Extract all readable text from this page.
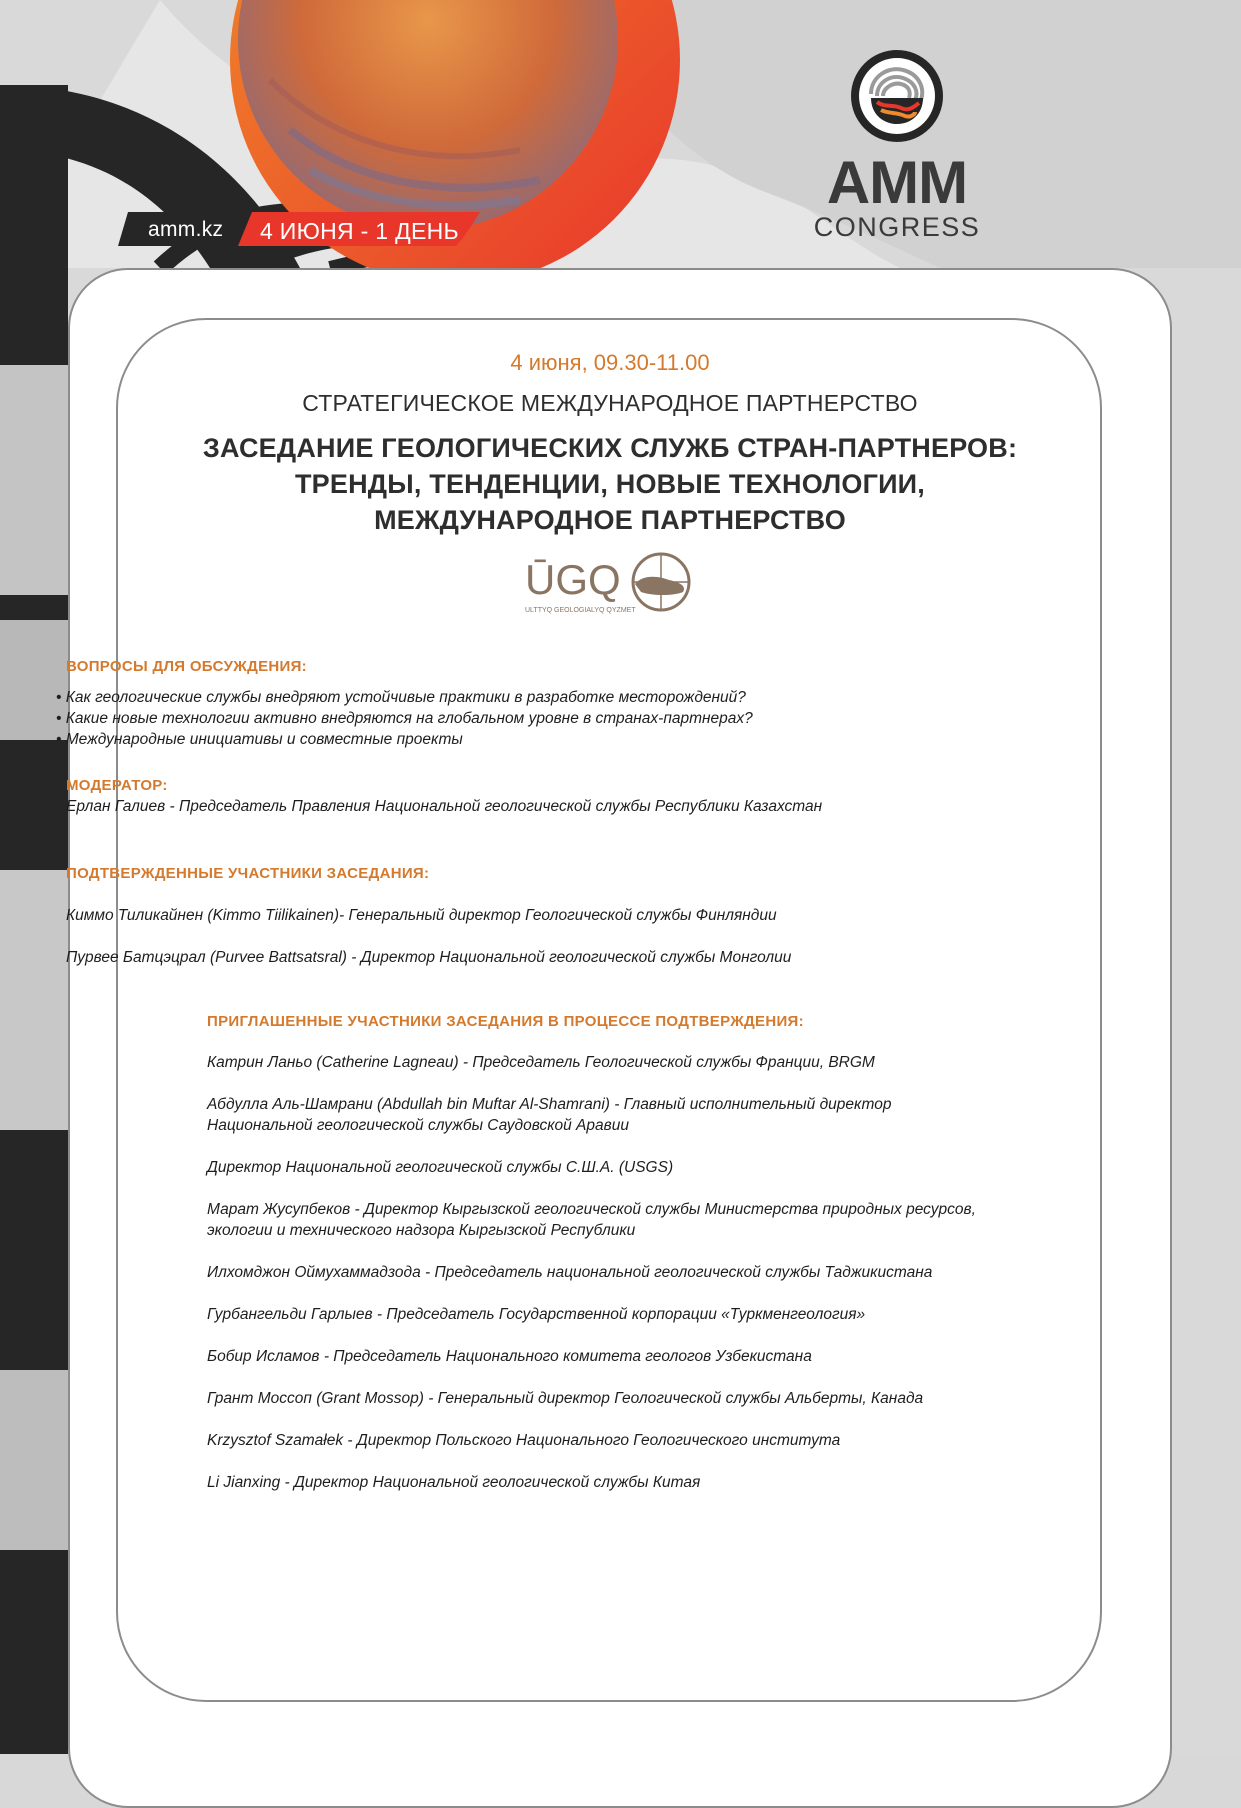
amm.kz 4 ИЮНЯ - 1 ДЕНЬ
AMM
CONGRESS

4 июня, 09.30-11.00

СТРАТЕГИЧЕСКОЕ МЕЖДУНАРОДНОЕ ПАРТНЕРСТВО

ЗАСЕДАНИЕ ГЕОЛОГИЧЕСКИХ СЛУЖБ СТРАН-ПАРТНЕРОВ:
ТРЕНДЫ, ТЕНДЕНЦИИ, НОВЫЕ ТЕХНОЛОГИИ,
МЕЖДУНАРОДНОЕ ПАРТНЕРСТВО
ŪGQ
ULTTYQ GEOLOGIALYQ QYZMET

ВОПРОСЫ ДЛЯ ОБСУЖДЕНИЯ:

• Как геологические службы внедряют устойчивые практики в разработке месторождений?

• Какие новые технологии активно внедряются на глобальном уровне в странах-партнерах?

• Международные инициативы и совместные проекты

МОДЕРАТОР:

Ерлан Галиев - Председатель Правления Национальной геологической службы Республики Казахстан

ПОДТВЕРЖДЕННЫЕ УЧАСТНИКИ ЗАСЕДАНИЯ:

Киммо Тиликайнен (Kimmo Tiilikainen)- Генеральный директор Геологической службы Финляндии

Пурвее Батцэцрал (Purvee Battsatsral) - Директор Национальной геологической службы Монголии

ПРИГЛАШЕННЫЕ УЧАСТНИКИ ЗАСЕДАНИЯ В ПРОЦЕССЕ ПОДТВЕРЖДЕНИЯ:

Катрин Ланьо (Catherine Lagneau) - Председатель Геологической службы Франции, BRGM

Абдулла Аль-Шамрани (Abdullah bin Muftar Al-Shamrani) - Главный исполнительный директор

Национальной геологической службы Саудовской Аравии

Директор Национальной геологической службы С.Ш.А. (USGS)

Марат Жусупбеков - Директор Кыргызской геологической службы Министерства природных ресурсов,

экологии и технического надзора Кыргызской Республики

Илхомджон Оймухаммадзода - Председатель национальной геологической службы Таджикистана

Гурбангельди Гарлыев - Председатель Государственной корпорации «Туркменгеология»

Бобир Исламов - Председатель Национального комитета геологов Узбекистана

Грант Моссоп (Grant Mossop) - Генеральный директор Геологической службы Альберты, Канада

Krzysztof Szamałek - Директор Польского Национального Геологического института

Li Jianxing - Директор Национальной геологической службы Китая
